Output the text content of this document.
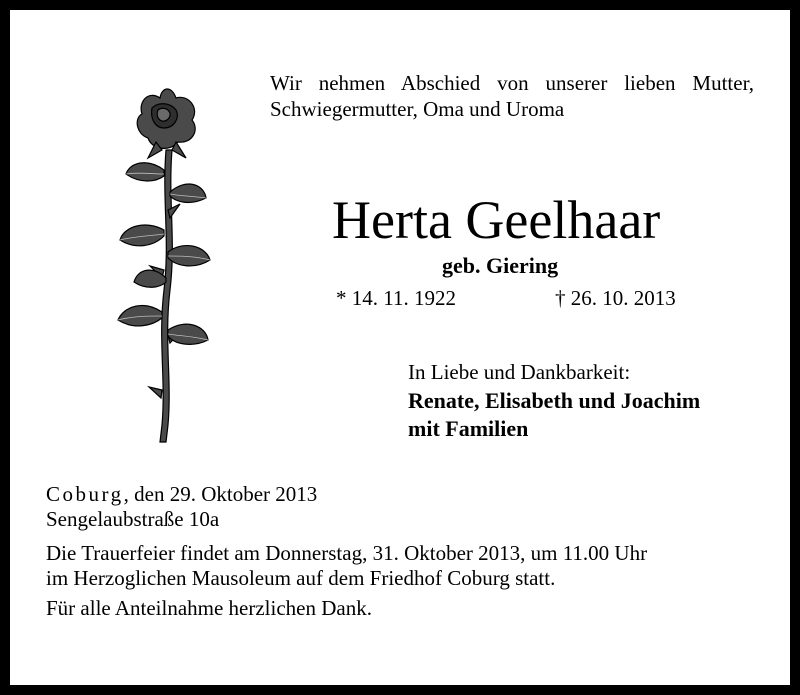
Wir nehmen Abschied von unserer lieben Mutter,
Schwiegermutter, Oma und Uroma

Herta Geelhaar

geb. Giering

* 14. 11. 1922	† 26. 10. 2013

In Liebe und Dankbarkeit:

Renate, Elisabeth und Joachim
mit Familien

Coburg, den 29. Oktober 2013

Sengelaubstraße 10a

Die Trauerfeier findet am Donnerstag, 31. Oktober 2013, um 11.00 Uhr
im Herzoglichen Mausoleum auf dem Friedhof Coburg statt.

Für alle Anteilnahme herzlichen Dank.
